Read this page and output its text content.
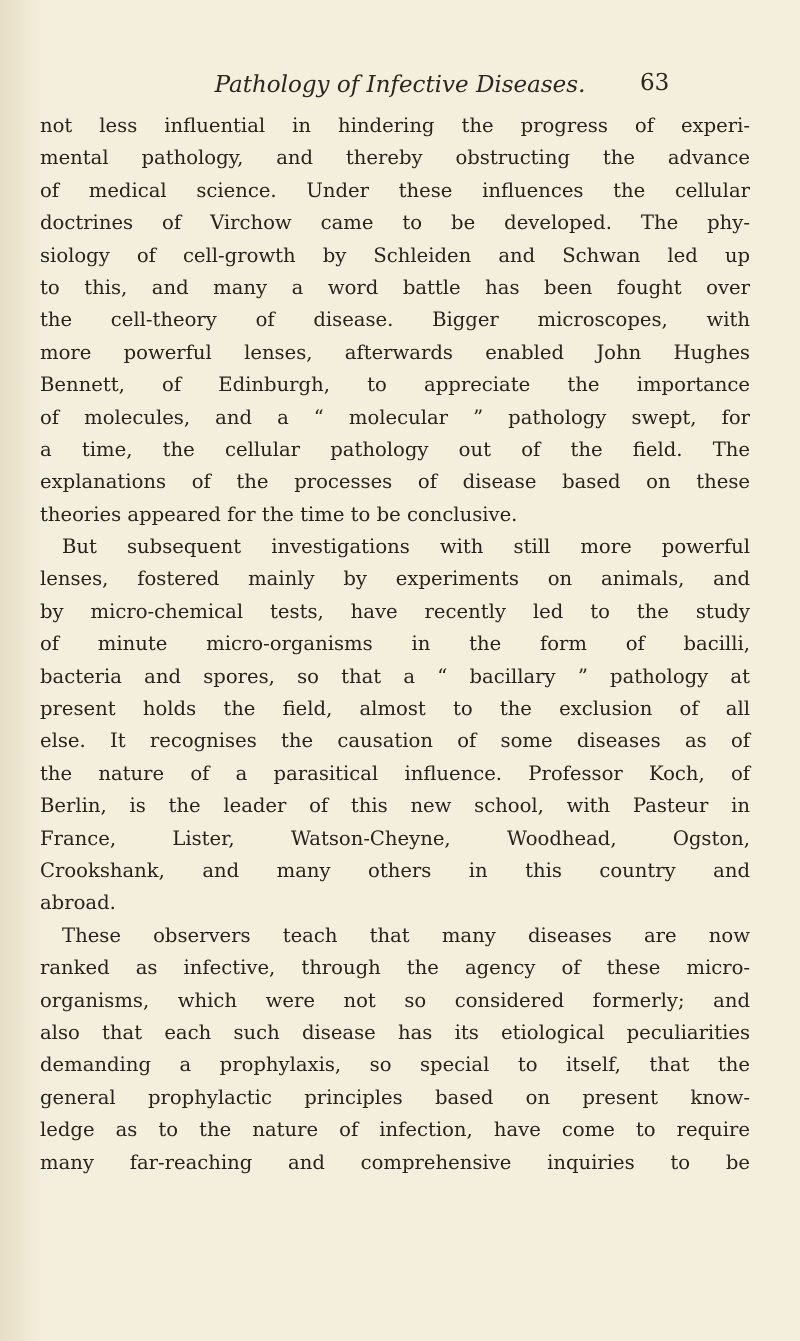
Pathology of Infective Diseases.	63
not less influential in hindering the progress of experi-
mental pathology, and thereby obstructing the advance
of medical science. Under these influences the cellular
doctrines of Virchow came to be developed. The phy-
siology of cell-growth by Schleiden and Schwan led up
to this, and many a word battle has been fought over
the cell-theory of disease. Bigger microscopes, with
more powerful lenses, afterwards enabled John Hughes
Bennett, of Edinburgh, to appreciate the importance
of molecules, and a “ molecular ” pathology swept, for
a time, the cellular pathology out of the field. The
explanations of the processes of disease based on these
theories appeared for the time to be conclusive.
But subsequent investigations with still more powerful
lenses, fostered mainly by experiments on animals, and
by micro-chemical tests, have recently led to the study
of minute micro-organisms in the form of bacilli,
bacteria and spores, so that a “ bacillary ” pathology at
present holds the field, almost to the exclusion of all
else. It recognises the causation of some diseases as of
the nature of a parasitical influence. Professor Koch, of
Berlin, is the leader of this new school, with Pasteur in
France, Lister, Watson-Cheyne, Woodhead, Ogston,
Crookshank, and many others in this country and
abroad.
These observers teach that many diseases are now
ranked as infective, through the agency of these micro-
organisms, which were not so considered formerly; and
also that each such disease has its etiological peculiarities
demanding a prophylaxis, so special to itself, that the
general prophylactic principles based on present know-
ledge as to the nature of infection, have come to require
many far-reaching and comprehensive inquiries to be
